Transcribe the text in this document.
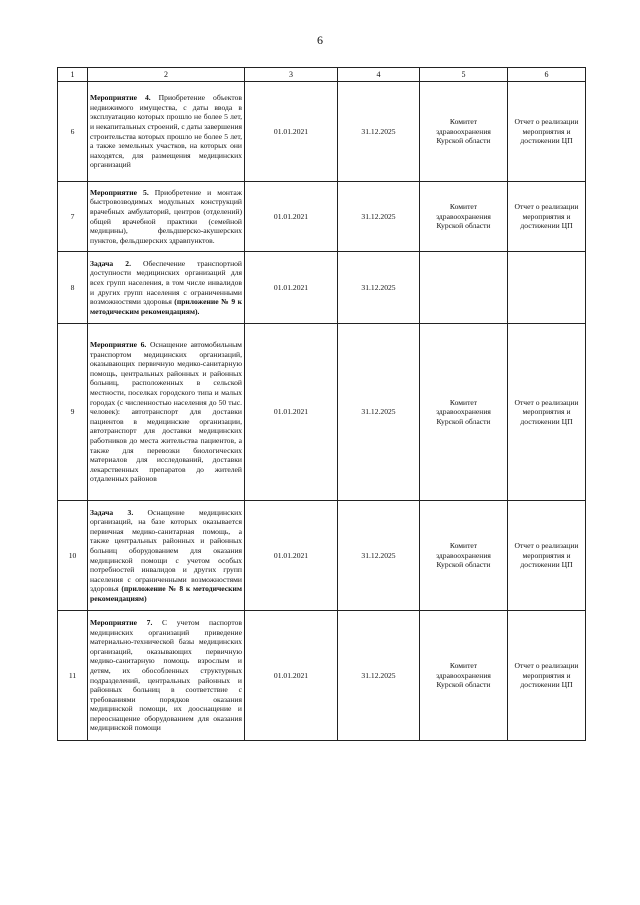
6
1	2	3	4	5	6
6	Мероприятие 4. Приобретение объектов недвижимого имущества, с даты ввода в эксплуатацию которых прошло не более 5 лет, и некапитальных строений, с даты завершения строительства которых прошло не более 5 лет, а также земельных участков, на которых они находятся, для размещения медицинских организаций	01.01.2021	31.12.2025	Комитет здравоохранения Курской области	Отчет о реализации мероприятия и достижении ЦП
7	Мероприятие 5. Приобретение и монтаж быстровозводимых модульных конструкций врачебных амбулаторий, центров (отделений) общей врачебной практики (семейной медицины), фельдшерско-акушерских пунктов, фельдшерских здравпунктов.	01.01.2021	31.12.2025	Комитет здравоохранения Курской области	Отчет о реализации мероприятия и достижении ЦП
8	Задача 2. Обеспечение транспортной доступности медицинских организаций для всех групп населения, в том числе инвалидов и других групп населения с ограниченными возможностями здоровья (приложение № 9 к методическим рекомендациям).	01.01.2021	31.12.2025		
9	Мероприятие 6. Оснащение автомобильным транспортом медицинских организаций, оказывающих первичную медико-санитарную помощь, центральных районных и районных больниц, расположенных в сельской местности, поселках городского типа и малых городах (с численностью населения до 50 тыс. человек): автотранспорт для доставки пациентов в медицинские организации, автотранспорт для доставки медицинских работников до места жительства пациентов, а также для перевозки биологических материалов для исследований, доставки лекарственных препаратов до жителей отдаленных районов	01.01.2021	31.12.2025	Комитет здравоохранения Курской области	Отчет о реализации мероприятия и достижении ЦП
10	Задача 3. Оснащение медицинских организаций, на базе которых оказывается первичная медико-санитарная помощь, а также центральных районных и районных больниц оборудованием для оказания медицинской помощи с учетом особых потребностей инвалидов и других групп населения с ограниченными возможностями здоровья (приложение № 8 к методическим рекомендациям)	01.01.2021	31.12.2025	Комитет здравоохранения Курской области	Отчет о реализации мероприятия и достижении ЦП
11	Мероприятие 7. С учетом паспортов медицинских организаций приведение материально-технической базы медицинских организаций, оказывающих первичную медико-санитарную помощь взрослым и детям, их обособленных структурных подразделений, центральных районных и районных больниц в соответствие с требованиями порядков оказания медицинской помощи, их дооснащение и переоснащение оборудованием для оказания медицинской помощи	01.01.2021	31.12.2025	Комитет здравоохранения Курской области	Отчет о реализации мероприятия и достижении ЦП
